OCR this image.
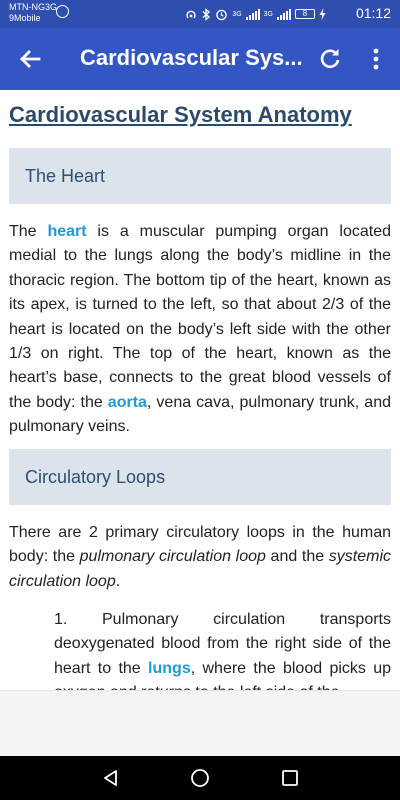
MTN-NG3G
9Mobile	3G	3G	8	01:12
Cardiovascular Sys...
Cardiovascular System Anatomy
The Heart

The heart is a muscular pumping organ located medial to the lungs along the body’s midline in the thoracic region. The bottom tip of the heart, known as its apex, is turned to the left, so that about 2/3 of the heart is located on the body’s left side with the other 1/3 on right. The top of the heart, known as the heart’s base, connects to the great blood vessels of the body: the aorta, vena cava, pulmonary trunk, and pulmonary veins.

Circulatory Loops

There are 2 primary circulatory loops in the human body: the pulmonary circulation loop and the systemic circulation loop.

1. Pulmonary circulation transports deoxygenated blood from the right side of the heart to the lungs, where the blood picks up
